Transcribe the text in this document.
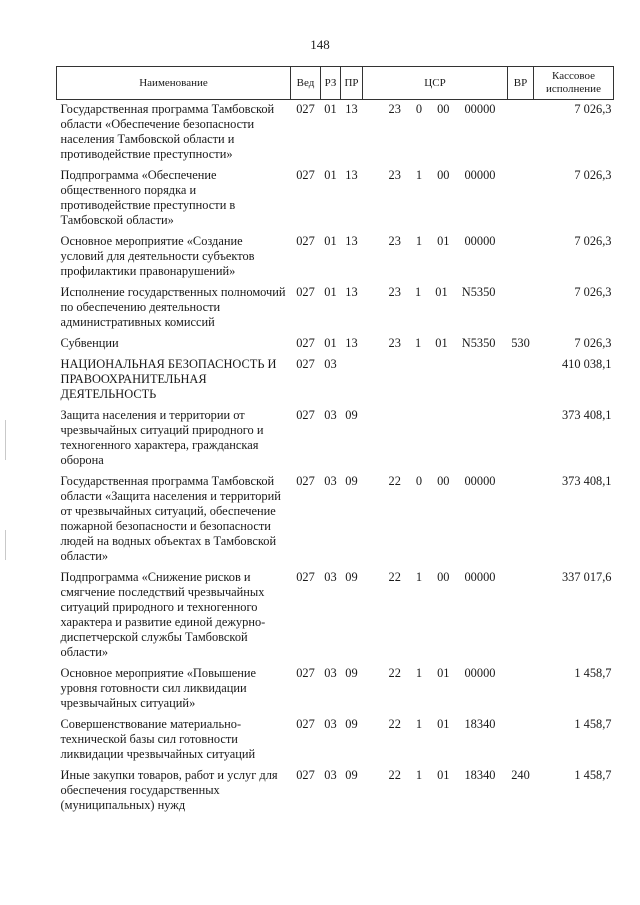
148
Наименование	Вед	РЗ	ПР	ЦСР	ВР	Кассовое исполнение
Государственная программа Тамбовской области «Обеспечение безопасности населения Тамбовской области и противодействие преступности»	027	01	13	23 0 00 00000		7 026,3
Подпрограмма «Обеспечение общественного порядка и противодействие преступности в Тамбовской области»	027	01	13	23 1 00 00000		7 026,3
Основное мероприятие «Создание условий для деятельности субъектов профилактики правонарушений»	027	01	13	23 1 01 00000		7 026,3
Исполнение государственных полномочий по обеспечению деятельности административных комиссий	027	01	13	23 1 01 N5350		7 026,3
Субвенции	027	01	13	23 1 01 N5350	530	7 026,3
НАЦИОНАЛЬНАЯ БЕЗОПАСНОСТЬ И ПРАВООХРАНИТЕЛЬНАЯ ДЕЯТЕЛЬНОСТЬ	027	03				410 038,1
Защита населения и территории от чрезвычайных ситуаций природного и техногенного характера, гражданская оборона	027	03	09			373 408,1
Государственная программа Тамбовской области «Защита населения и территорий от чрезвычайных ситуаций, обеспечение пожарной безопасности и безопасности людей на водных объектах в Тамбовской области»	027	03	09	22 0 00 00000		373 408,1
Подпрограмма «Снижение рисков и смягчение последствий чрезвычайных ситуаций природного и техногенного характера и развитие единой дежурно-диспетчерской службы Тамбовской области»	027	03	09	22 1 00 00000		337 017,6
Основное мероприятие «Повышение уровня готовности сил ликвидации чрезвычайных ситуаций»	027	03	09	22 1 01 00000		1 458,7
Совершенствование материально-технической базы сил готовности ликвидации чрезвычайных ситуаций	027	03	09	22 1 01 18340		1 458,7
Иные закупки товаров, работ и услуг для обеспечения государственных (муниципальных) нужд	027	03	09	22 1 01 18340	240	1 458,7
